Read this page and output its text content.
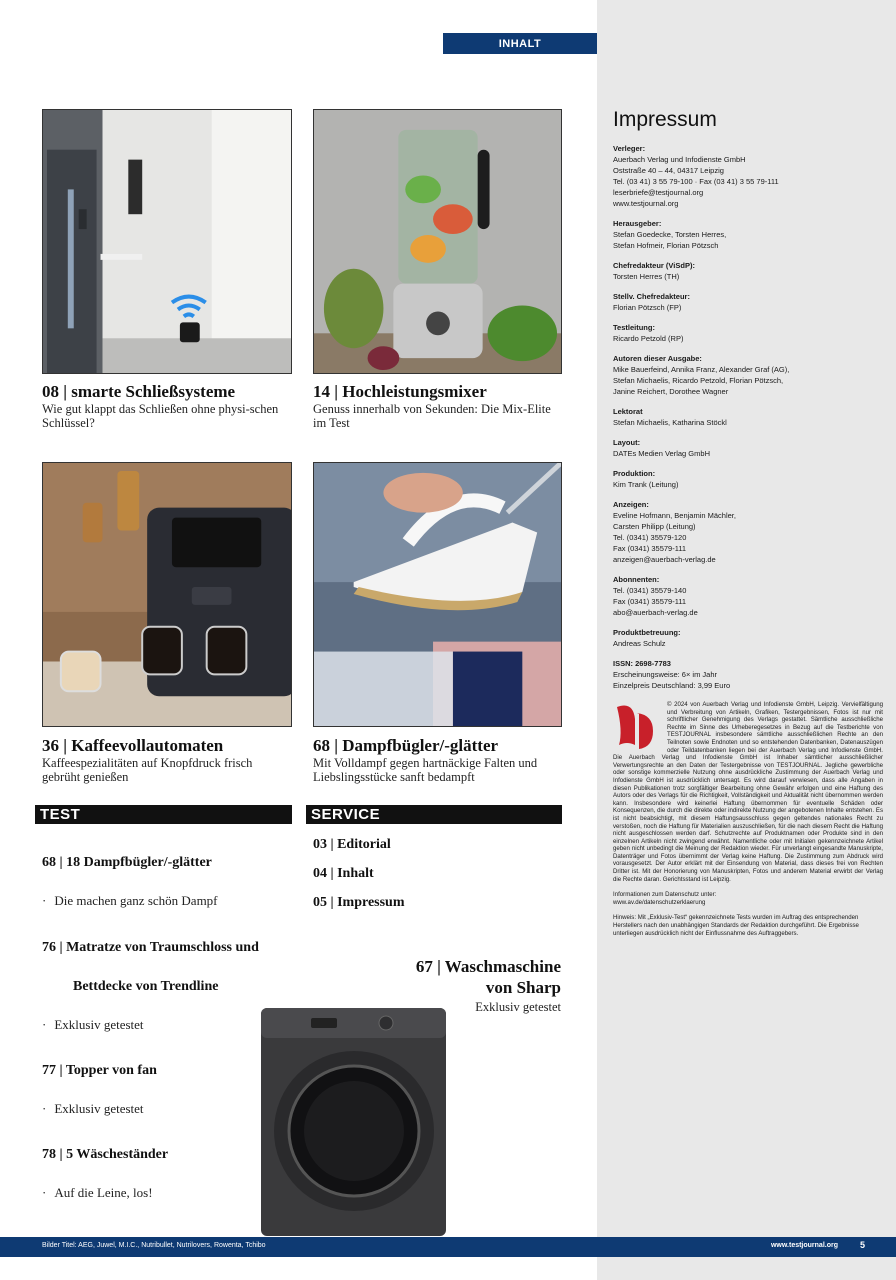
INHALT
08 | smarte Schließsysteme
Wie gut klappt das Schließen ohne physi-schen Schlüssel?
14 | Hochleistungsmixer
Genuss innerhalb von Sekunden: Die Mix-Elite im Test
36 | Kaffeevollautomaten
Kaffeespezialitäten auf Knopfdruck frisch gebrüht genießen
68 | Dampfbügler/-glätter
Mit Volldampf gegen hartnäckige Falten und Liebslingsstücke sanft bedampft
TEST	SERVICE
68 | 18 Dampfbügler/-glätter
· Die machen ganz schön Dampf
76 | Matratze von Traumschloss und
Bettdecke von Trendline
· Exklusiv getestet
77 | Topper von fan
· Exklusiv getestet
78 | 5 Wäscheständer
· Auf die Leine, los!
03 | Editorial
04 | Inhalt
05 | Impressum
67 | Waschmaschine
von Sharp
Exklusiv getestet
Impressum
Verleger:
Auerbach Verlag und Infodienste GmbH
Oststraße 40 – 44, 04317 Leipzig
Tel. (03 41) 3 55 79-100 · Fax (03 41) 3 55 79-111
leserbriefe@testjournal.org
www.testjournal.org
Herausgeber:
Stefan Goedecke, Torsten Herres,
Stefan Hofmeir, Florian Pötzsch
Chefredakteur (ViSdP):
Torsten Herres (TH)
Stellv. Chefredakteur:
Florian Pötzsch (FP)
Testleitung:
Ricardo Petzold (RP)
Autoren dieser Ausgabe:
Mike Bauerfeind, Annika Franz, Alexander Graf (AG),
Stefan Michaelis, Ricardo Petzold, Florian Pötzsch,
Janine Reichert, Dorothee Wagner
Lektorat
Stefan Michaelis, Katharina Stöckl
Layout:
DATEs Medien Verlag GmbH
Produktion:
Kim Trank (Leitung)
Anzeigen:
Eveline Hofmann, Benjamin Mächler,
Carsten Philipp (Leitung)
Tel. (0341) 35579-120
Fax (0341) 35579-111
anzeigen@auerbach-verlag.de
Abonnenten:
Tel. (0341) 35579-140
Fax (0341) 35579-111
abo@auerbach-verlag.de
Produktbetreuung:
Andreas Schulz
ISSN: 2698-7783
Erscheinungsweise: 6× im Jahr
Einzelpreis Deutschland: 3,99 Euro
© 2024 von Auerbach Verlag und Infodienste GmbH, Leipzig. Vervielfältigung und Verbreitung von Artikeln, Grafiken, Testergebnissen, Fotos ist nur mit schriftlicher Genehmigung des Verlags gestattet. Sämtliche ausschließliche Rechte im Sinne des Urheberegesetzes in Bezug auf die Testberichte von TESTJOURNAL insbesondere sämtliche ausschließlichen Rechte an den Teilnoten sowie Endnoten und so entstehenden Datenbanken, Datenauszügen oder Teildatenbanken liegen bei der Auerbach Verlag und Infodienste GmbH. Die Auerbach Verlag und Infodienste GmbH ist Inhaber sämtlicher ausschließlicher Verwertungsrechte an den Daten der Testergebnisse von TESTJOURNAL. Jegliche gewerbliche oder sonstige kommerzielle Nutzung ohne ausdrückliche Zustimmung der Auerbach Verlag und Infodienste GmbH ist ausdrücklich untersagt. Es wird darauf verwiesen, dass alle Angaben in diesen Publikationen trotz sorgfältiger Bearbeitung ohne Gewähr erfolgen und eine Haftung des Autors oder des Verlags für die Richtigkeit, Vollständigkeit und Aktualität nicht übernommen werden kann. Insbesondere wird keinerlei Haftung übernommen für eventuelle Schäden oder Konsequenzen, die durch die direkte oder indirekte Nutzung der angebotenen Inhalte entstehen. Es ist nicht beabsichtigt, mit diesem Haftungsausschluss gegen geltendes nationales Recht zu verstoßen, noch die Haftung für Materialien auszuschließen, für die nach diesem Recht die Haftung nicht ausgeschlossen werden darf. Schutzrechte auf Produktnamen oder Produkte sind in den einzelnen Artikeln nicht zwingend erwähnt. Namentliche oder mit Initialen gekennzeichnete Artikel geben nicht unbedingt die Meinung der Redaktion wieder. Für unverlangt eingesandte Manuskripte, Datenträger und Fotos übernimmt der Verlag keine Haftung. Die Zustimmung zum Abdruck wird vorausgesetzt. Der Autor erklärt mit der Einsendung von Material, dass dieses frei von Rechten Dritter ist. Mit der Honorierung von Manuskripten, Fotos und anderem Material erwirbt der Verlag die Rechte daran. Gerichtsstand ist Leipzig.
Informationen zum Datenschutz unter:
www.av.de/datenschutzerklaerung
Hinweis: Mit „Exklusiv-Test“ gekennzeichnete Tests wurden im Auftrag des entsprechenden Herstellers nach den unabhängigen Standards der Redaktion durchgeführt. Die Ergebnisse unterliegen ausdrücklich nicht der Einflussnahme des Auftraggebers.
Bilder Titel: AEG, Juwel, M.I.C., Nutribullet, Nutrilovers, Rowenta, Tchibo	www.testjournal.org 5
